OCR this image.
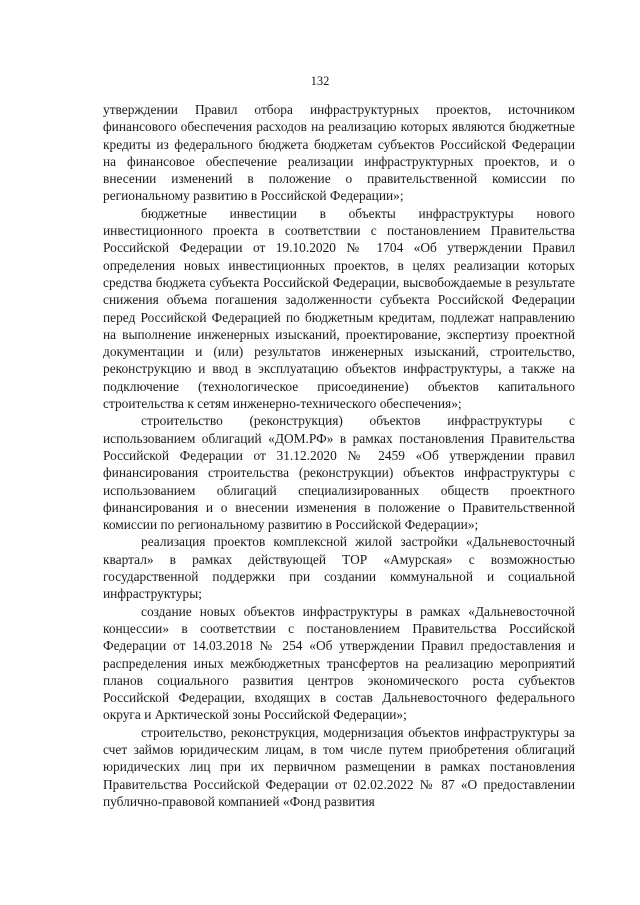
132

утверждении Правил отбора инфраструктурных проектов, источником финансового обеспечения расходов на реализацию которых являются бюджетные кредиты из федерального бюджета бюджетам субъектов Российской Федерации на финансовое обеспечение реализации инфраструктурных проектов, и о внесении изменений в положение о правительственной комиссии по региональному развитию в Российской Федерации»;

бюджетные инвестиции в объекты инфраструктуры нового инвестиционного проекта в соответствии с постановлением Правительства Российской Федерации от 19.10.2020 № 1704 «Об утверждении Правил определения новых инвестиционных проектов, в целях реализации которых средства бюджета субъекта Российской Федерации, высвобождаемые в результате снижения объема погашения задолженности субъекта Российской Федерации перед Российской Федерацией по бюджетным кредитам, подлежат направлению на выполнение инженерных изысканий, проектирование, экспертизу проектной документации и (или) результатов инженерных изысканий, строительство, реконструкцию и ввод в эксплуатацию объектов инфраструктуры, а также на подключение (технологическое присоединение) объектов капитального строительства к сетям инженерно-технического обеспечения»;

строительство (реконструкция) объектов инфраструктуры с использованием облигаций «ДОМ.РФ» в рамках постановления Правительства Российской Федерации от 31.12.2020 № 2459 «Об утверждении правил финансирования строительства (реконструкции) объектов инфраструктуры с использованием облигаций специализированных обществ проектного финансирования и о внесении изменения в положение о Правительственной комиссии по региональному развитию в Российской Федерации»;

реализация проектов комплексной жилой застройки «Дальневосточный квартал» в рамках действующей ТОР «Амурская» с возможностью государственной поддержки при создании коммунальной и социальной инфраструктуры;

создание новых объектов инфраструктуры в рамках «Дальневосточной концессии» в соответствии с постановлением Правительства Российской Федерации от 14.03.2018 № 254 «Об утверждении Правил предоставления и распределения иных межбюджетных трансфертов на реализацию мероприятий планов социального развития центров экономического роста субъектов Российской Федерации, входящих в состав Дальневосточного федерального округа и Арктической зоны Российской Федерации»;

строительство, реконструкция, модернизация объектов инфраструктуры за счет займов юридическим лицам, в том числе путем приобретения облигаций юридических лиц при их первичном размещении в рамках постановления Правительства Российской Федерации от 02.02.2022 № 87 «О предоставлении публично-правовой компанией «Фонд развития
